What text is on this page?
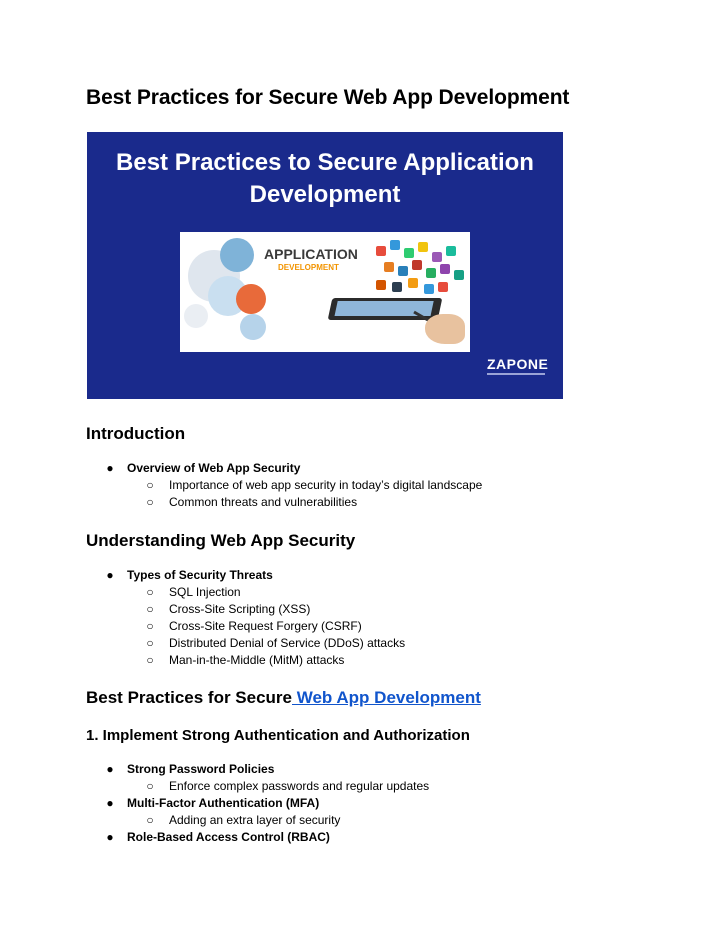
Best Practices for Secure Web App Development
Best Practices to Secure Application
Development
APPLICATION
DEVELOPMENT
ZAPONE
Introduction
● Overview of Web App Security
○ Importance of web app security in today’s digital landscape
○ Common threats and vulnerabilities
Understanding Web App Security
● Types of Security Threats
○ SQL Injection
○ Cross-Site Scripting (XSS)
○ Cross-Site Request Forgery (CSRF)
○ Distributed Denial of Service (DDoS) attacks
○ Man-in-the-Middle (MitM) attacks
Best Practices for Secure Web App Development
1. Implement Strong Authentication and Authorization
● Strong Password Policies
○ Enforce complex passwords and regular updates
● Multi-Factor Authentication (MFA)
○ Adding an extra layer of security
● Role-Based Access Control (RBAC)
